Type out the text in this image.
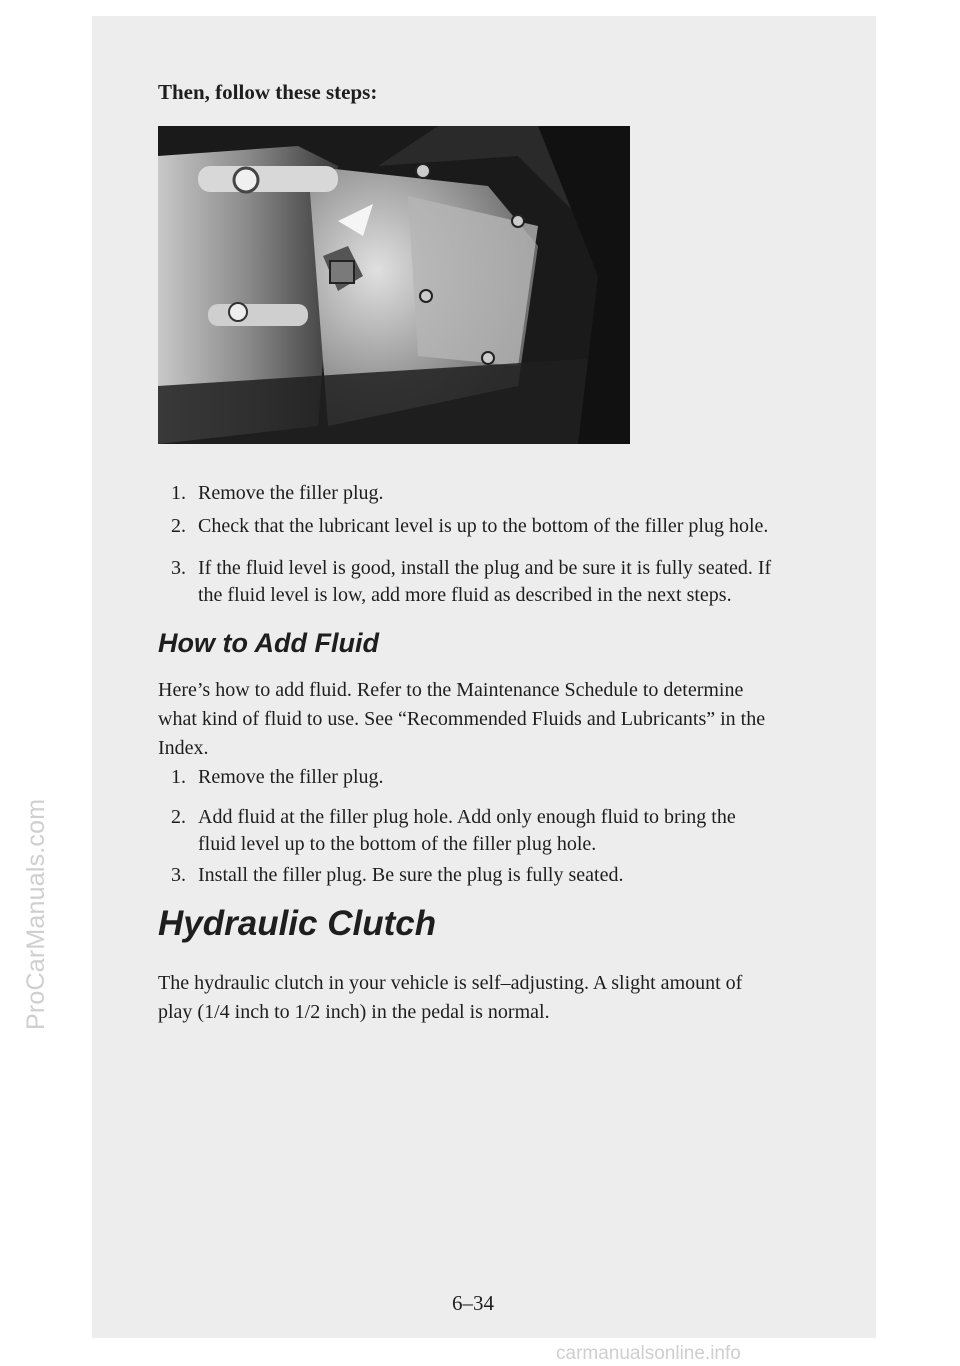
Then, follow these steps:
1. Remove the filler plug.
2. Check that the lubricant level is up to the bottom of the filler plug hole.
3. If the fluid level is good, install the plug and be sure it is fully seated. If
the fluid level is low, add more fluid as described in the next steps.
How to Add Fluid
Here’s how to add fluid. Refer to the Maintenance Schedule to determine
what kind of fluid to use. See “Recommended Fluids and Lubricants” in the
Index.
1. Remove the filler plug.
2. Add fluid at the filler plug hole. Add only enough fluid to bring the
fluid level up to the bottom of the filler plug hole.
3. Install the filler plug. Be sure the plug is fully seated.
Hydraulic Clutch
The hydraulic clutch in your vehicle is self–adjusting. A slight amount of
play (1/4 inch to 1/2 inch) in the pedal is normal.
6–34
ProCarManuals.com
carmanualsonline.info
